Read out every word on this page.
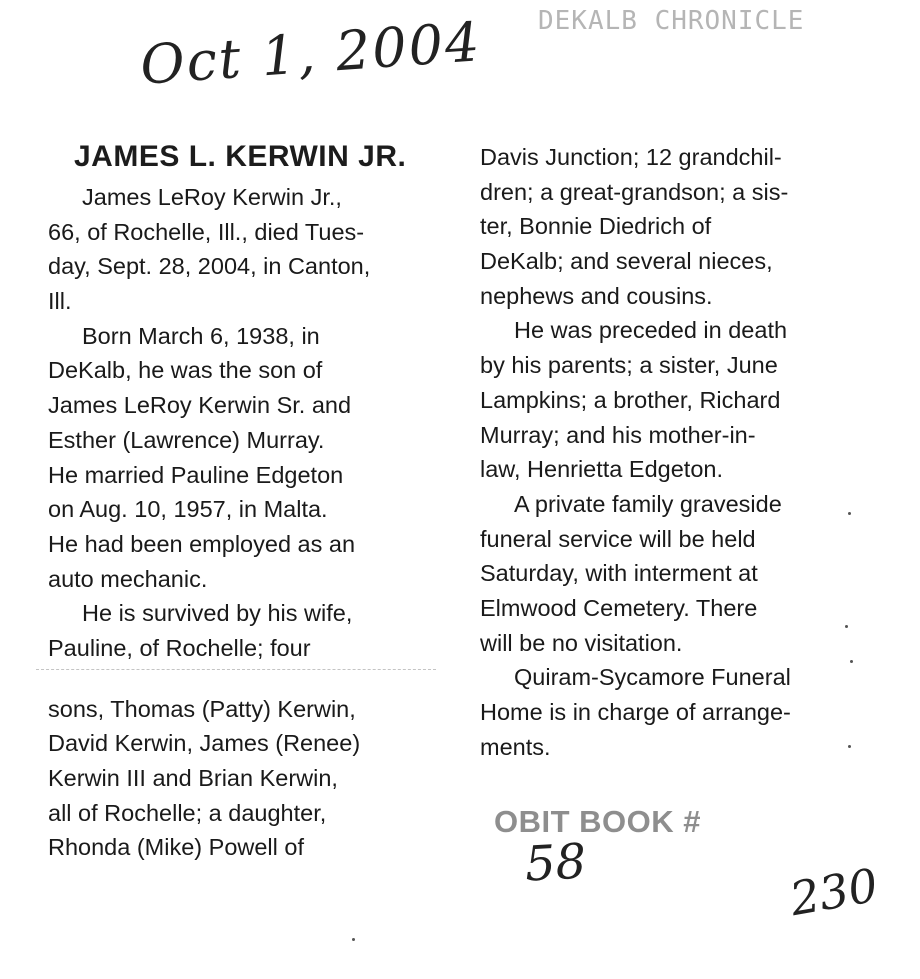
Oct 1, 2004 DEKALB CHRONICLE
JAMES L. KERWIN JR.
James LeRoy Kerwin Jr.,
66, of Rochelle, Ill., died Tues-
day, Sept. 28, 2004, in Canton,
Ill.
Born March 6, 1938, in
DeKalb, he was the son of
James LeRoy Kerwin Sr. and
Esther (Lawrence) Murray.
He married Pauline Edgeton
on Aug. 10, 1957, in Malta.
He had been employed as an
auto mechanic.
He is survived by his wife,
Pauline, of Rochelle; four
sons, Thomas (Patty) Kerwin,
David Kerwin, James (Renee)
Kerwin III and Brian Kerwin,
all of Rochelle; a daughter,
Rhonda (Mike) Powell of
Davis Junction; 12 grandchil-
dren; a great-grandson; a sis-
ter, Bonnie Diedrich of
DeKalb; and several nieces,
nephews and cousins.
He was preceded in death
by his parents; a sister, June
Lampkins; a brother, Richard
Murray; and his mother-in-
law, Henrietta Edgeton.
A private family graveside
funeral service will be held
Saturday, with interment at
Elmwood Cemetery. There
will be no visitation.
Quiram-Sycamore Funeral
Home is in charge of arrange-
ments.
OBIT BOOK #
58	230
